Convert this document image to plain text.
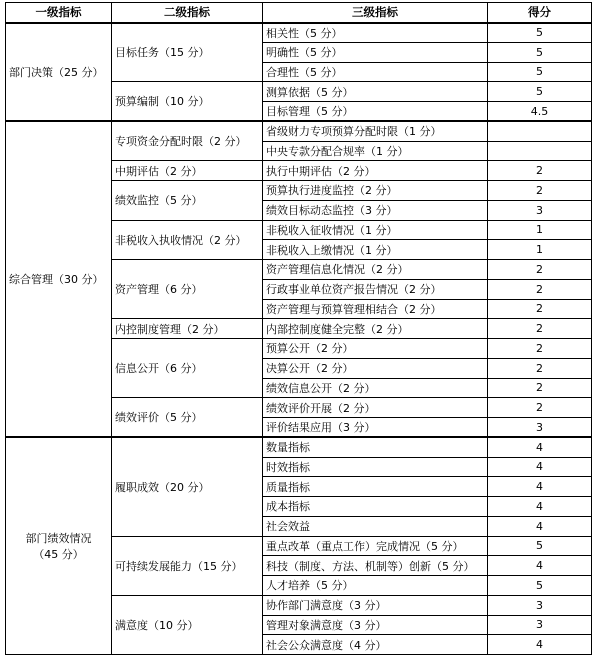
一级指标	二级指标	三级指标	得分
部门决策（25 分）	目标任务（15 分）	相关性（5 分）	5
		明确性（5 分）	5
		合理性（5 分）	5
	预算编制（10 分）	测算依据（5 分）	5
		目标管理（5 分）	4.5
综合管理（30 分）	专项资金分配时限（2 分）	省级财力专项预算分配时限（1 分）	
		中央专款分配合规率（1 分）	
	中期评估（2 分）	执行中期评估（2 分）	2
	绩效监控（5 分）	预算执行进度监控（2 分）	2
		绩效目标动态监控（3 分）	3
	非税收入执收情况（2 分）	非税收入征收情况（1 分）	1
		非税收入上缴情况（1 分）	1
	资产管理（6 分）	资产管理信息化情况（2 分）	2
		行政事业单位资产报告情况（2 分）	2
		资产管理与预算管理相结合（2 分）	2
	内控制度管理（2 分）	内部控制度健全完整（2 分）	2
	信息公开（6 分）	预算公开（2 分）	2
		决算公开（2 分）	2
		绩效信息公开（2 分）	2
	绩效评价（5 分）	绩效评价开展（2 分）	2
		评价结果应用（3 分）	3
部门绩效情况
（45 分）	履职成效（20 分）	数量指标	4
		时效指标	4
		质量指标	4
		成本指标	4
		社会效益	4
	可持续发展能力（15 分）	重点改革（重点工作）完成情况（5 分）	5
		科技（制度、方法、机制等）创新（5 分）	4
		人才培养（5 分）	5
	满意度（10 分）	协作部门满意度（3 分）	3
		管理对象满意度（3 分）	3
		社会公众满意度（4 分）	4
